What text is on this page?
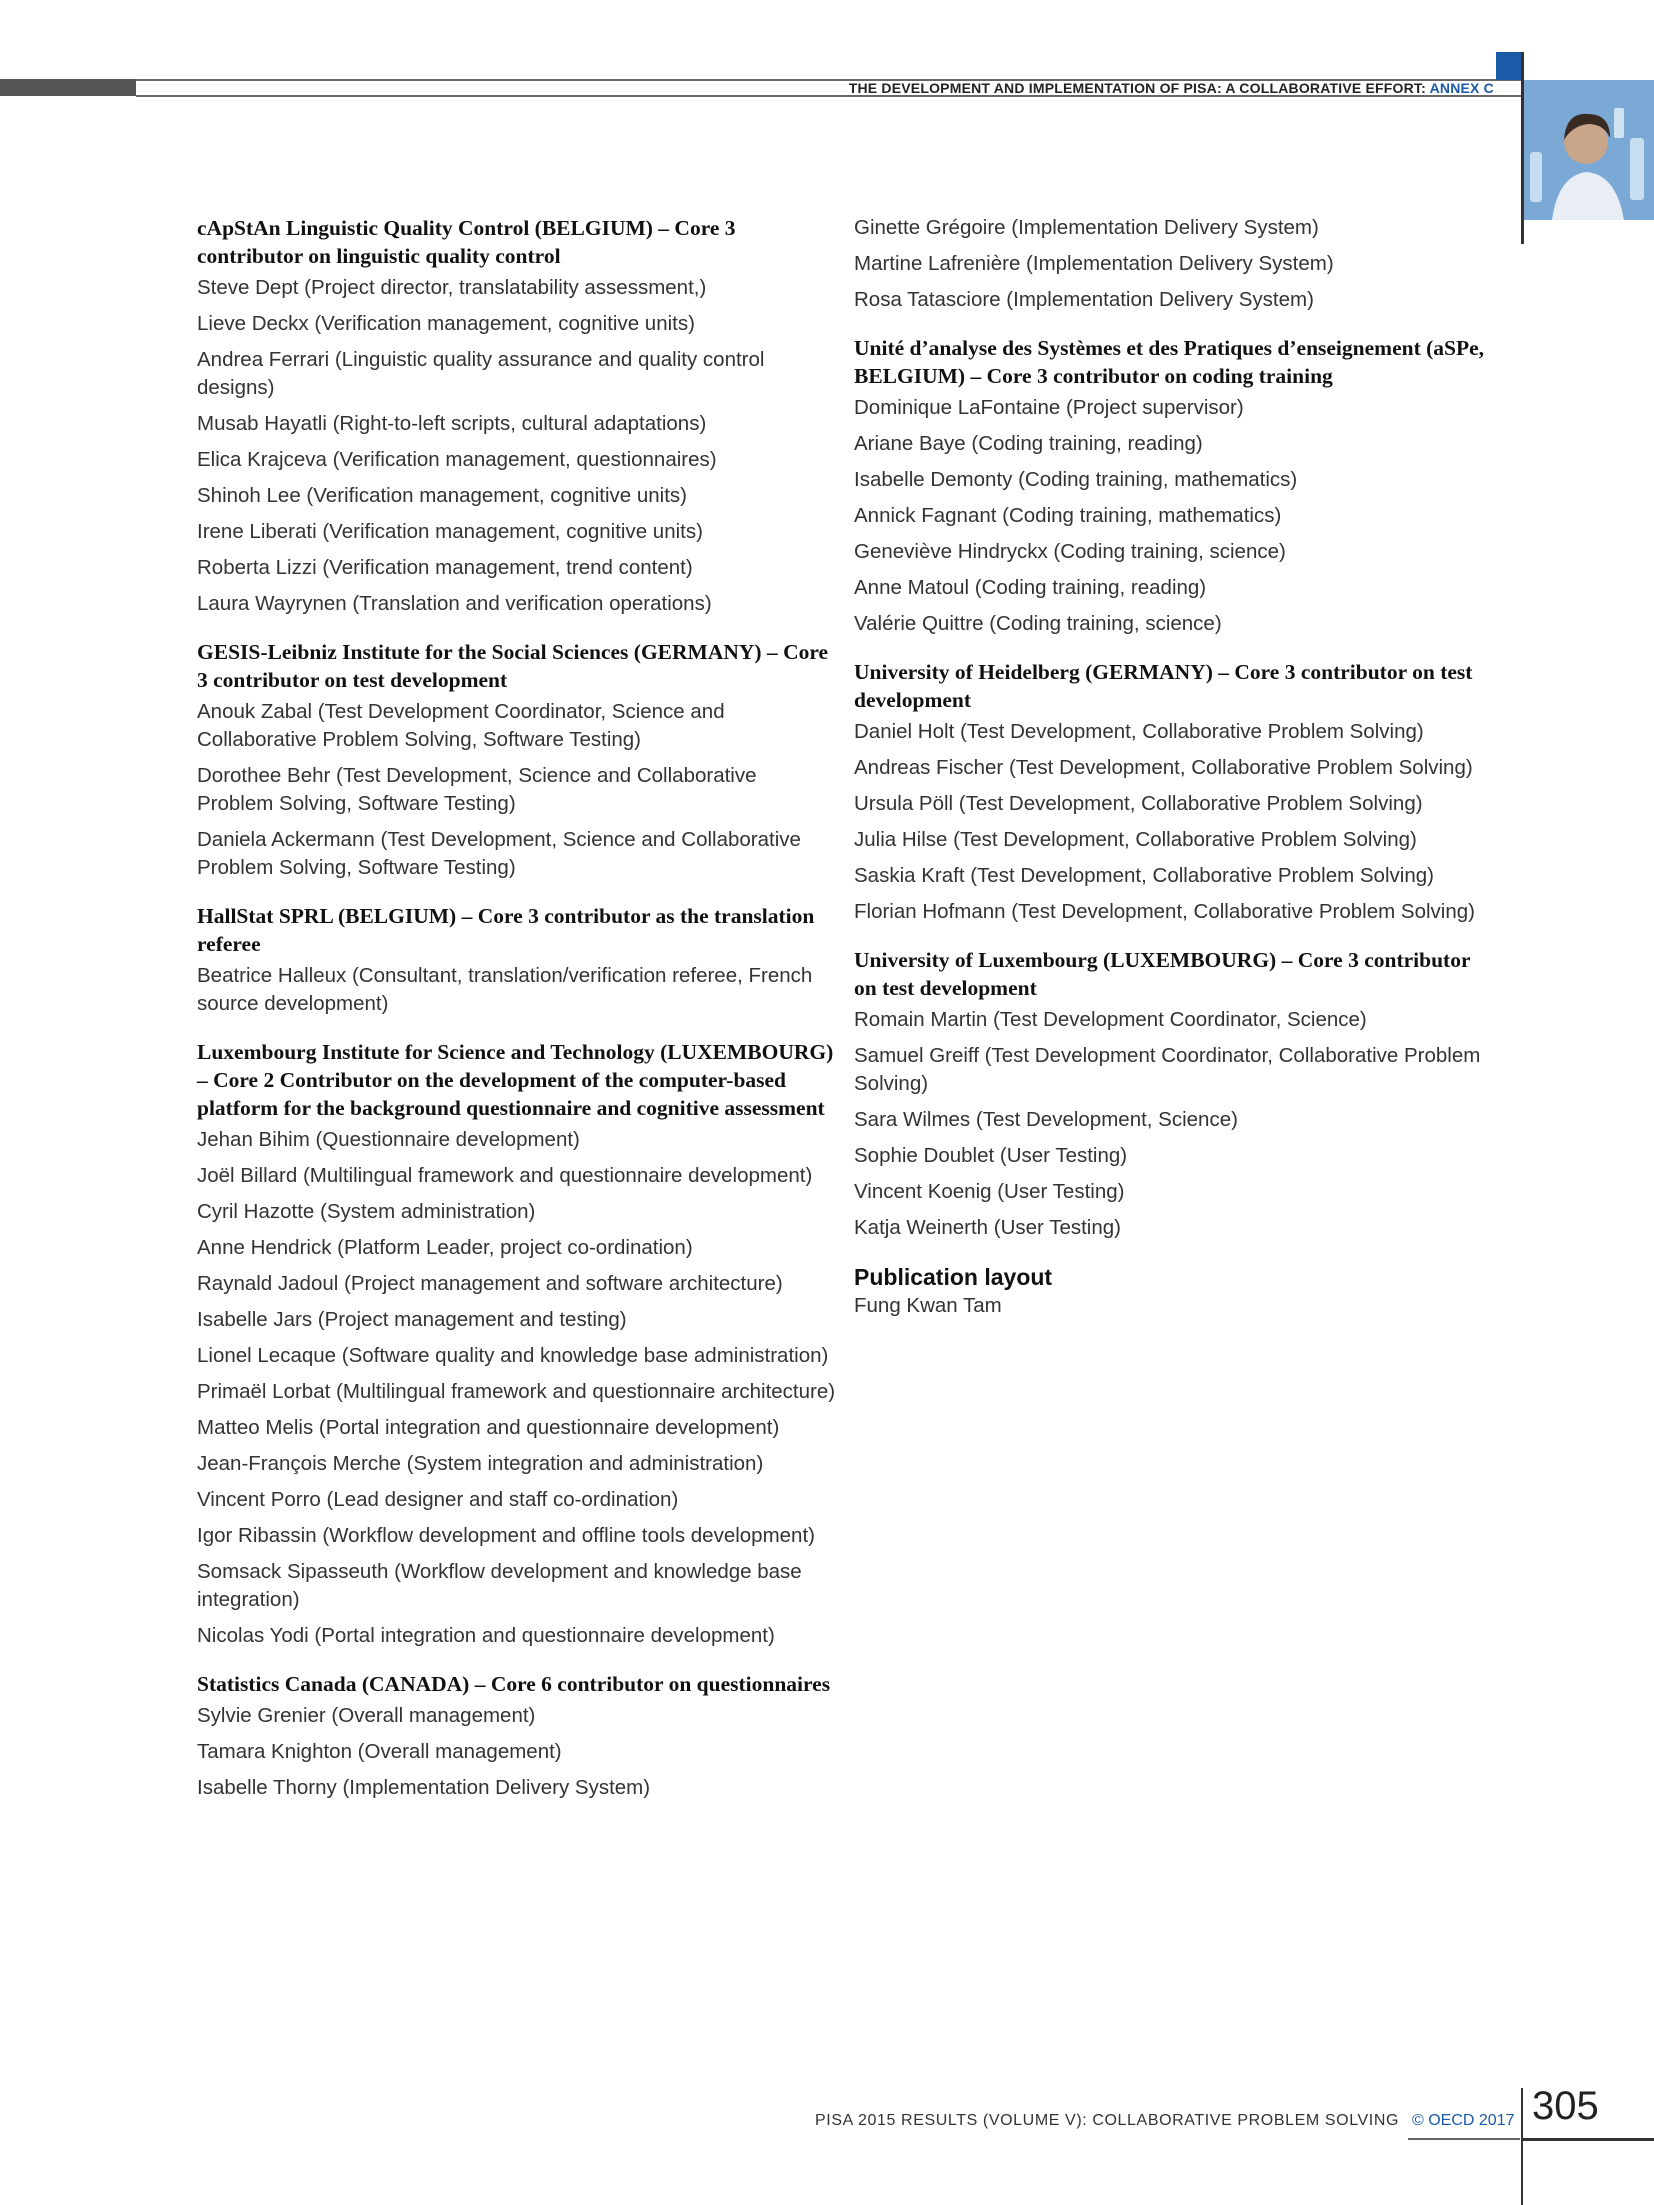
THE DEVELOPMENT AND IMPLEMENTATION OF PISA: A COLLABORATIVE EFFORT: ANNEX C
cApStAn Linguistic Quality Control (BELGIUM) – Core 3 contributor on linguistic quality control
Steve Dept (Project director, translatability assessment,)
Lieve Deckx (Verification management, cognitive units)
Andrea Ferrari (Linguistic quality assurance and quality control designs)
Musab Hayatli (Right-to-left scripts, cultural adaptations)
Elica Krajceva (Verification management, questionnaires)
Shinoh Lee (Verification management, cognitive units)
Irene Liberati (Verification management, cognitive units)
Roberta Lizzi (Verification management, trend content)
Laura Wayrynen (Translation and verification operations)
GESIS-Leibniz Institute for the Social Sciences (GERMANY) – Core 3 contributor on test development
Anouk Zabal (Test Development Coordinator, Science and Collaborative Problem Solving, Software Testing)
Dorothee Behr (Test Development, Science and Collaborative Problem Solving, Software Testing)
Daniela Ackermann (Test Development, Science and Collaborative Problem Solving, Software Testing)
HallStat SPRL (BELGIUM) – Core 3 contributor as the translation referee
Beatrice Halleux (Consultant, translation/verification referee, French source development)
Luxembourg Institute for Science and Technology (LUXEMBOURG) – Core 2 Contributor on the development of the computer-based platform for the background questionnaire and cognitive assessment
Jehan Bihim (Questionnaire development)
Joël Billard (Multilingual framework and questionnaire development)
Cyril Hazotte (System administration)
Anne Hendrick (Platform Leader, project co-ordination)
Raynald Jadoul (Project management and software architecture)
Isabelle Jars (Project management and testing)
Lionel Lecaque (Software quality and knowledge base administration)
Primaël Lorbat (Multilingual framework and questionnaire architecture)
Matteo Melis (Portal integration and questionnaire development)
Jean-François Merche (System integration and administration)
Vincent Porro (Lead designer and staff co-ordination)
Igor Ribassin (Workflow development and offline tools development)
Somsack Sipasseuth (Workflow development and knowledge base integration)
Nicolas Yodi (Portal integration and questionnaire development)
Statistics Canada (CANADA) – Core 6 contributor on questionnaires
Sylvie Grenier (Overall management)
Tamara Knighton (Overall management)
Isabelle Thorny (Implementation Delivery System)
Ginette Grégoire (Implementation Delivery System)
Martine Lafrenière (Implementation Delivery System)
Rosa Tatasciore (Implementation Delivery System)
Unité d’analyse des Systèmes et des Pratiques d’enseignement (aSPe, BELGIUM) – Core 3 contributor on coding training
Dominique LaFontaine (Project supervisor)
Ariane Baye (Coding training, reading)
Isabelle Demonty (Coding training, mathematics)
Annick Fagnant (Coding training, mathematics)
Geneviève Hindryckx (Coding training, science)
Anne Matoul (Coding training, reading)
Valérie Quittre (Coding training, science)
University of Heidelberg (GERMANY) – Core 3 contributor on test development
Daniel Holt (Test Development, Collaborative Problem Solving)
Andreas Fischer (Test Development, Collaborative Problem Solving)
Ursula Pöll (Test Development, Collaborative Problem Solving)
Julia Hilse (Test Development, Collaborative Problem Solving)
Saskia Kraft (Test Development, Collaborative Problem Solving)
Florian Hofmann (Test Development, Collaborative Problem Solving)
University of Luxembourg (LUXEMBOURG) – Core 3 contributor on test development
Romain Martin (Test Development Coordinator, Science)
Samuel Greiff (Test Development Coordinator, Collaborative Problem Solving)
Sara Wilmes (Test Development, Science)
Sophie Doublet (User Testing)
Vincent Koenig (User Testing)
Katja Weinerth (User Testing)
Publication layout
Fung Kwan Tam
PISA 2015 RESULTS (VOLUME V): COLLABORATIVE PROBLEM SOLVING © OECD 2017 305
